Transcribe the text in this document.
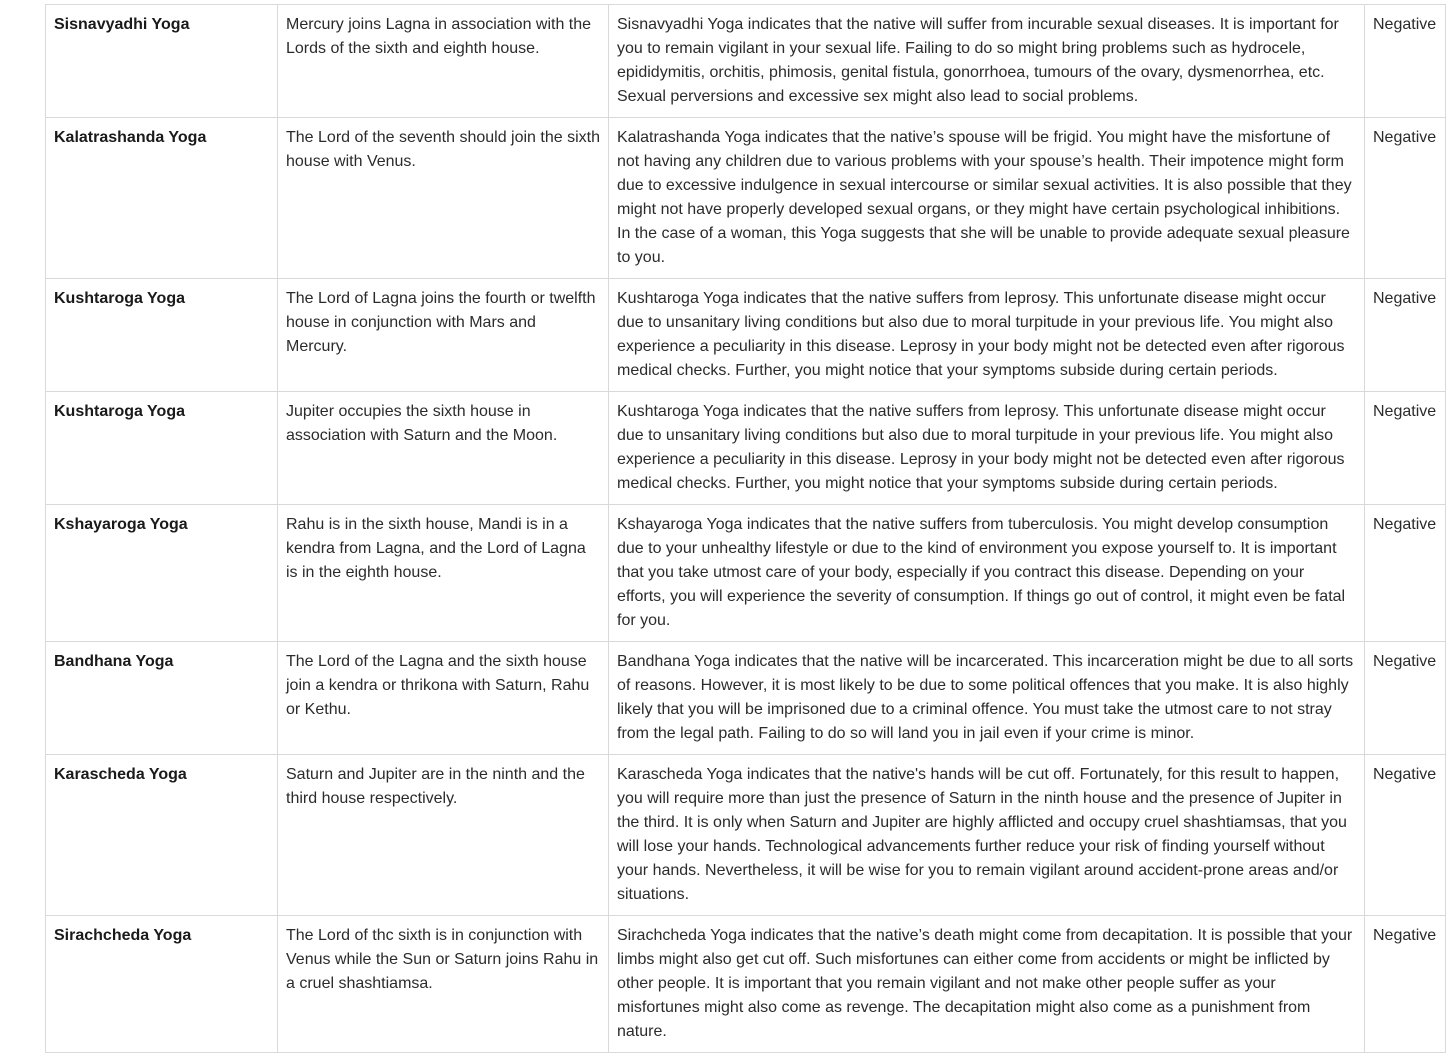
Sisnavyadhi Yoga	Mercury joins Lagna in association with the Lords of the sixth and eighth house.	Sisnavyadhi Yoga indicates that the native will suffer from incurable sexual diseases. It is important for you to remain vigilant in your sexual life. Failing to do so might bring problems such as hydrocele, epididymitis, orchitis, phimosis, genital fistula, gonorrhoea, tumours of the ovary, dysmenorrhea, etc. Sexual perversions and excessive sex might also lead to social problems.	Negative
Kalatrashanda Yoga	The Lord of the seventh should join the sixth house with Venus.	Kalatrashanda Yoga indicates that the native’s spouse will be frigid. You might have the misfortune of not having any children due to various problems with your spouse’s health. Their impotence might form due to excessive indulgence in sexual intercourse or similar sexual activities. It is also possible that they might not have properly developed sexual organs, or they might have certain psychological inhibitions. In the case of a woman, this Yoga suggests that she will be unable to provide adequate sexual pleasure to you.	Negative
Kushtaroga Yoga	The Lord of Lagna joins the fourth or twelfth house in conjunction with Mars and Mercury.	Kushtaroga Yoga indicates that the native suffers from leprosy. This unfortunate disease might occur due to unsanitary living conditions but also due to moral turpitude in your previous life. You might also experience a peculiarity in this disease. Leprosy in your body might not be detected even after rigorous medical checks. Further, you might notice that your symptoms subside during certain periods.	Negative
Kushtaroga Yoga	Jupiter occupies the sixth house in association with Saturn and the Moon.	Kushtaroga Yoga indicates that the native suffers from leprosy. This unfortunate disease might occur due to unsanitary living conditions but also due to moral turpitude in your previous life. You might also experience a peculiarity in this disease. Leprosy in your body might not be detected even after rigorous medical checks. Further, you might notice that your symptoms subside during certain periods.	Negative
Kshayaroga Yoga	Rahu is in the sixth house, Mandi is in a kendra from Lagna, and the Lord of Lagna is in the eighth house.	Kshayaroga Yoga indicates that the native suffers from tuberculosis. You might develop consumption due to your unhealthy lifestyle or due to the kind of environment you expose yourself to. It is important that you take utmost care of your body, especially if you contract this disease. Depending on your efforts, you will experience the severity of consumption. If things go out of control, it might even be fatal for you.	Negative
Bandhana Yoga	The Lord of the Lagna and the sixth house join a kendra or thrikona with Saturn, Rahu or Kethu.	Bandhana Yoga indicates that the native will be incarcerated. This incarceration might be due to all sorts of reasons. However, it is most likely to be due to some political offences that you make. It is also highly likely that you will be imprisoned due to a criminal offence. You must take the utmost care to not stray from the legal path. Failing to do so will land you in jail even if your crime is minor.	Negative
Karascheda Yoga	Saturn and Jupiter are in the ninth and the third house respectively.	Karascheda Yoga indicates that the native's hands will be cut off. Fortunately, for this result to happen, you will require more than just the presence of Saturn in the ninth house and the presence of Jupiter in the third. It is only when Saturn and Jupiter are highly afflicted and occupy cruel shashtiamsas, that you will lose your hands. Technological advancements further reduce your risk of finding yourself without your hands. Nevertheless, it will be wise for you to remain vigilant around accident-prone areas and/or situations.	Negative
Sirachcheda Yoga	The Lord of thc sixth is in conjunction with Venus while the Sun or Saturn joins Rahu in a cruel shashtiamsa.	Sirachcheda Yoga indicates that the native’s death might come from decapitation. It is possible that your limbs might also get cut off. Such misfortunes can either come from accidents or might be inflicted by other people. It is important that you remain vigilant and not make other people suffer as your misfortunes might also come as revenge. The decapitation might also come as a punishment from nature.	Negative
